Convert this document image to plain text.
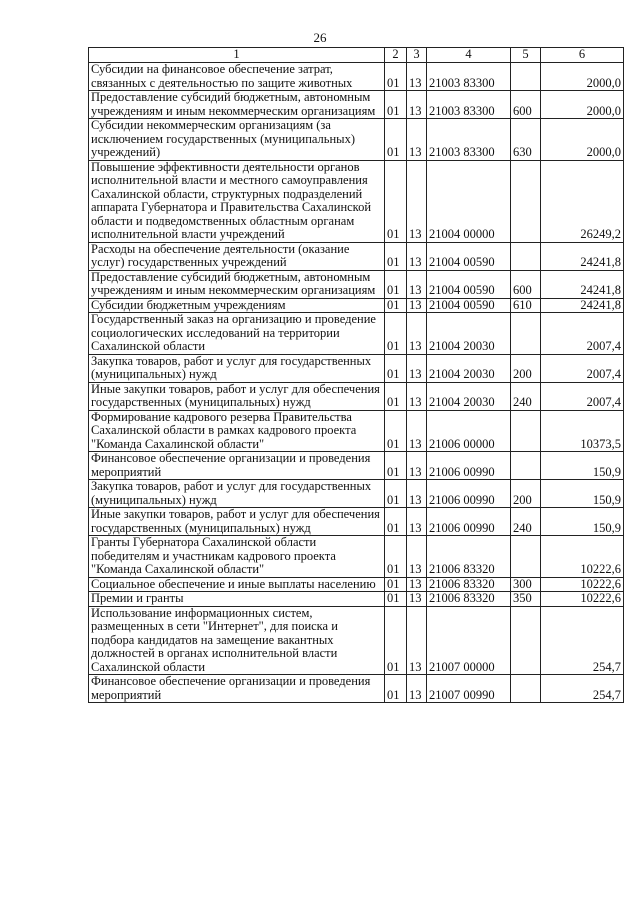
26
1	2	3	4	5	6
Субсидии на финансовое обеспечение затрат, связанных с деятельностью по защите животных	01	13	21003 83300		2000,0
Предоставление субсидий бюджетным, автономным учреждениям и иным некоммерческим организациям	01	13	21003 83300	600	2000,0
Субсидии некоммерческим организациям (за исключением государственных (муниципальных) учреждений)	01	13	21003 83300	630	2000,0
Повышение эффективности деятельности органов исполнительной власти и местного самоуправления Сахалинской области, структурных подразделений аппарата Губернатора и Правительства Сахалинской области и подведомственных областным органам исполнительной власти учреждений	01	13	21004 00000		26249,2
Расходы на обеспечение деятельности (оказание услуг) государственных учреждений	01	13	21004 00590		24241,8
Предоставление субсидий бюджетным, автономным учреждениям и иным некоммерческим организациям	01	13	21004 00590	600	24241,8
Субсидии бюджетным учреждениям	01	13	21004 00590	610	24241,8
Государственный заказ на организацию и проведение социологических исследований на территории Сахалинской области	01	13	21004 20030		2007,4
Закупка товаров, работ и услуг для государственных (муниципальных) нужд	01	13	21004 20030	200	2007,4
Иные закупки товаров, работ и услуг для обеспечения государственных (муниципальных) нужд	01	13	21004 20030	240	2007,4
Формирование кадрового резерва Правительства Сахалинской области в рамках кадрового проекта "Команда Сахалинской области"	01	13	21006 00000		10373,5
Финансовое обеспечение организации и проведения мероприятий	01	13	21006 00990		150,9
Закупка товаров, работ и услуг для государственных (муниципальных) нужд	01	13	21006 00990	200	150,9
Иные закупки товаров, работ и услуг для обеспечения государственных (муниципальных) нужд	01	13	21006 00990	240	150,9
Гранты Губернатора Сахалинской области победителям и участникам кадрового проекта "Команда Сахалинской области"	01	13	21006 83320		10222,6
Социальное обеспечение и иные выплаты населению	01	13	21006 83320	300	10222,6
Премии и гранты	01	13	21006 83320	350	10222,6
Использование информационных систем, размещенных в сети "Интернет", для поиска и подбора кандидатов на замещение вакантных должностей в органах исполнительной власти Сахалинской области	01	13	21007 00000		254,7
Финансовое обеспечение организации и проведения мероприятий	01	13	21007 00990		254,7
